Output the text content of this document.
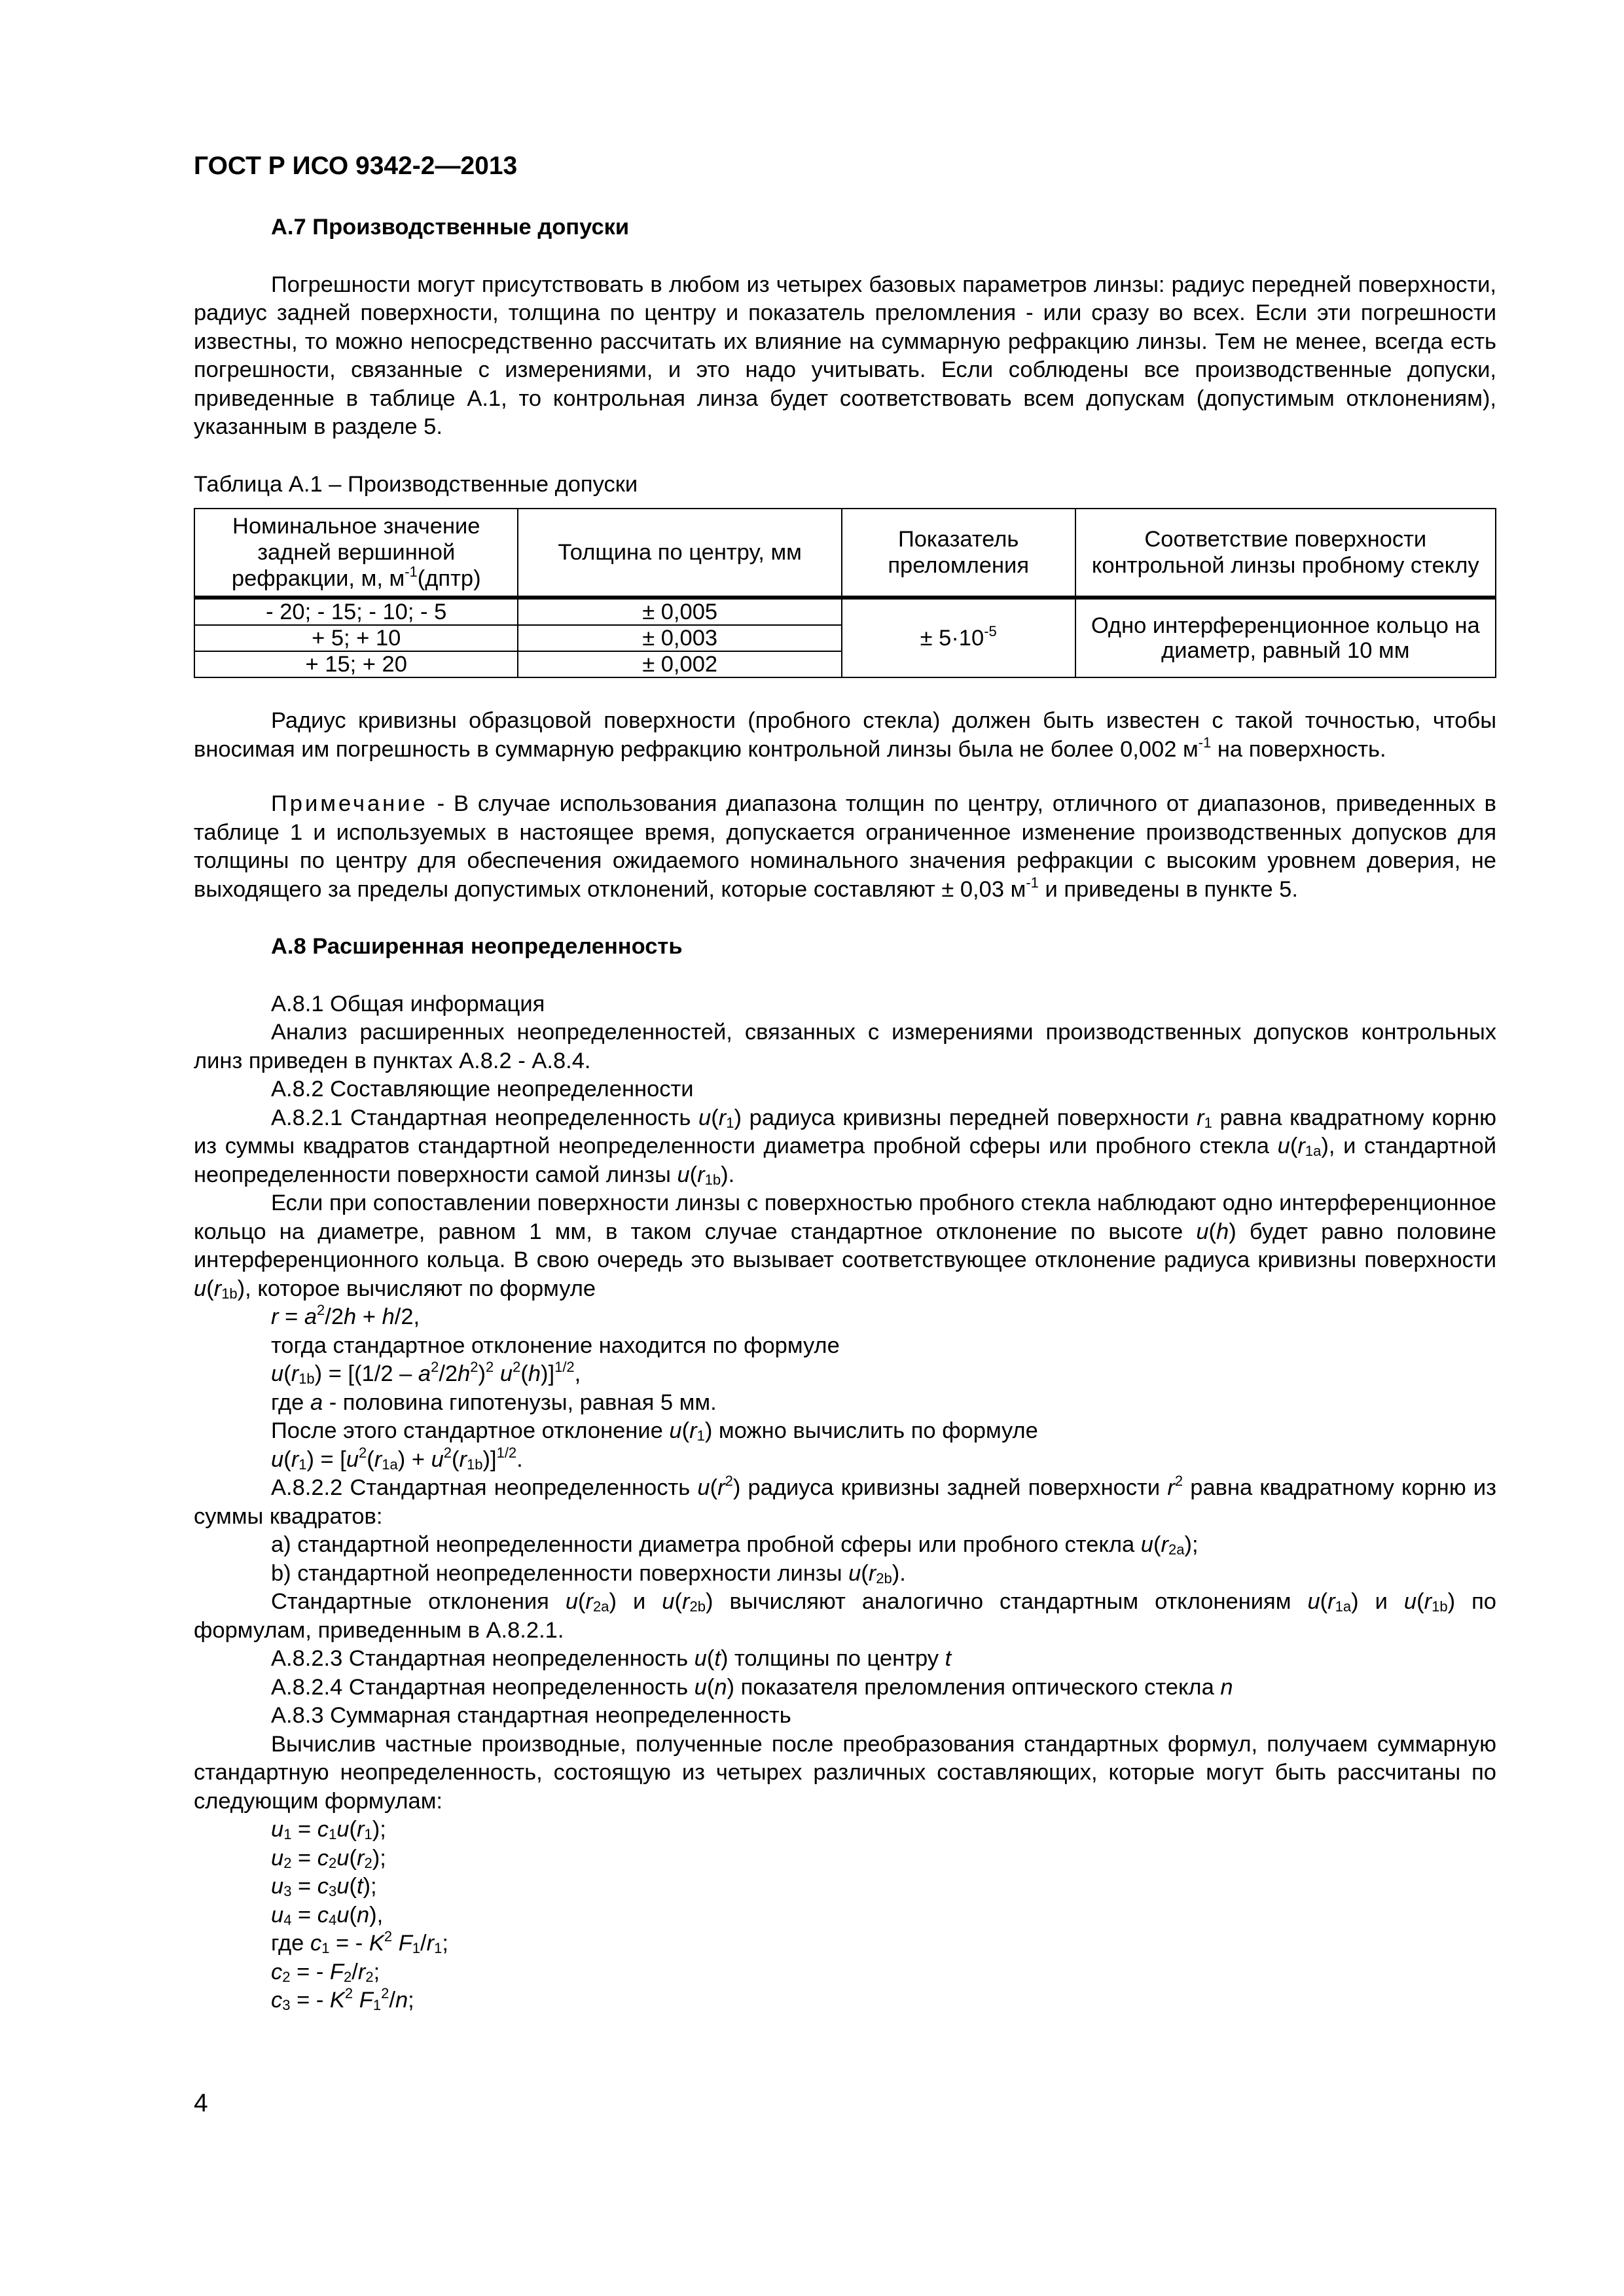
ГОСТ Р ИСО 9342-2—2013

А.7 Производственные допуски

Погрешности могут присутствовать в любом из четырех базовых параметров линзы: радиус передней поверхности, радиус задней поверхности, толщина по центру и показатель преломления - или сразу во всех. Если эти погрешности известны, то можно непосредственно рассчитать их влияние на суммарную рефракцию линзы. Тем не менее, всегда есть погрешности, связанные с измерениями, и это надо учитывать. Если соблюдены все производственные допуски, приведенные в таблице А.1, то контрольная линза будет соответствовать всем допускам (допустимым отклонениям), указанным в разделе 5.

Таблица А.1 – Производственные допуски

Номинальное значение задней вершинной рефракции, м, $м^{-1}(дптр)$	Толщина по центру, мм	Показатель преломления	Соответствие поверхности контрольной линзы пробному стеклу
- 20; - 15; - 10; - 5	± 0,005	± $5\cdot 10^{-5}$	Одно интерференционное кольцо на диаметр, равный 10 мм
+ 5; + 10	± 0,003		
+ 15; + 20	± 0,002		

Радиус кривизны образцовой поверхности (пробного стекла) должен быть известен с такой точностью, чтобы вносимая им погрешность в суммарную рефракцию контрольной линзы была не более 0,002 $м^{-1}$ на поверхность.

Примечание - В случае использования диапазона толщин по центру, отличного от диапазонов, приведенных в таблице 1 и используемых в настоящее время, допускается ограниченное изменение производственных допусков для толщины по центру для обеспечения ожидаемого номинального значения рефракции с высоким уровнем доверия, не выходящего за пределы допустимых отклонений, которые составляют ± 0,03 $м^{-1}$ и приведены в пункте 5.

А.8 Расширенная неопределенность

А.8.1 Общая информация

Анализ расширенных неопределенностей, связанных с измерениями производственных допусков контрольных линз приведен в пунктах А.8.2 - А.8.4.

А.8.2 Составляющие неопределенности

А.8.2.1 Стандартная неопределенность $u(r_1)$ радиуса кривизны передней поверхности $r_1$ равна квадратному корню из суммы квадратов стандартной неопределенности диаметра пробной сферы или пробного стекла $u(r_{1a})$, и стандартной неопределенности поверхности самой линзы $u(r_{1b})$.

Если при сопоставлении поверхности линзы с поверхностью пробного стекла наблюдают одно интерференционное кольцо на диаметре, равном 1 мм, в таком случае стандартное отклонение по высоте u(h) будет равно половине интерференционного кольца. В свою очередь это вызывает соответствующее отклонение радиуса кривизны поверхности $u(r_{1b})$, которое вычисляют по формуле

$r = a^2/2h + h/2$,

тогда стандартное отклонение находится по формуле

$u(r_{1b}) = [(1/2 - a^2/2h^2)^2$ $u^2(h)]^{1/2}$,

где a - половина гипотенузы, равная 5 мм.

После этого стандартное отклонение $u(r_1)$ можно вычислить по формуле

$u(r_1) = [u^2(r_{1a}) + u^2(r_{1b})]^{1/2}$.

А.8.2.2 Стандартная неопределенность $u(r^2)$ радиуса кривизны задней поверхности $r^2$ равна квадратному корню из суммы квадратов:

а) стандартной неопределенности диаметра пробной сферы или пробного стекла $u(r_{2a})$;

b) стандартной неопределенности поверхности линзы $u(r_{2b})$.

Стандартные отклонения $u(r_{2a})$ и $u(r_{2b})$ вычисляют аналогично стандартным отклонениям $u(r_{1a})$ и $u(r_{1b})$ по формулам, приведенным в А.8.2.1.

А.8.2.3 Стандартная неопределенность u(t) толщины по центру t

А.8.2.4 Стандартная неопределенность u(n) показателя преломления оптического стекла n

А.8.3 Суммарная стандартная неопределенность

Вычислив частные производные, полученные после преобразования стандартных формул, получаем суммарную стандартную неопределенность, состоящую из четырех различных составляющих, которые могут быть рассчитаны по следующим формулам:

$u_1 = c_1u(r_1)$;

$u_2 = c_2u(r_2)$;

$u_3 = c_3u(t)$;

$u_4 = c_4u(n)$,

где $c_1$ = - $K^2$ $F_1/r_1$;

$c_2$ = - $F_2/r_2$;

$c_3$ = - $K^2$ $F_1^2/n$;

4
